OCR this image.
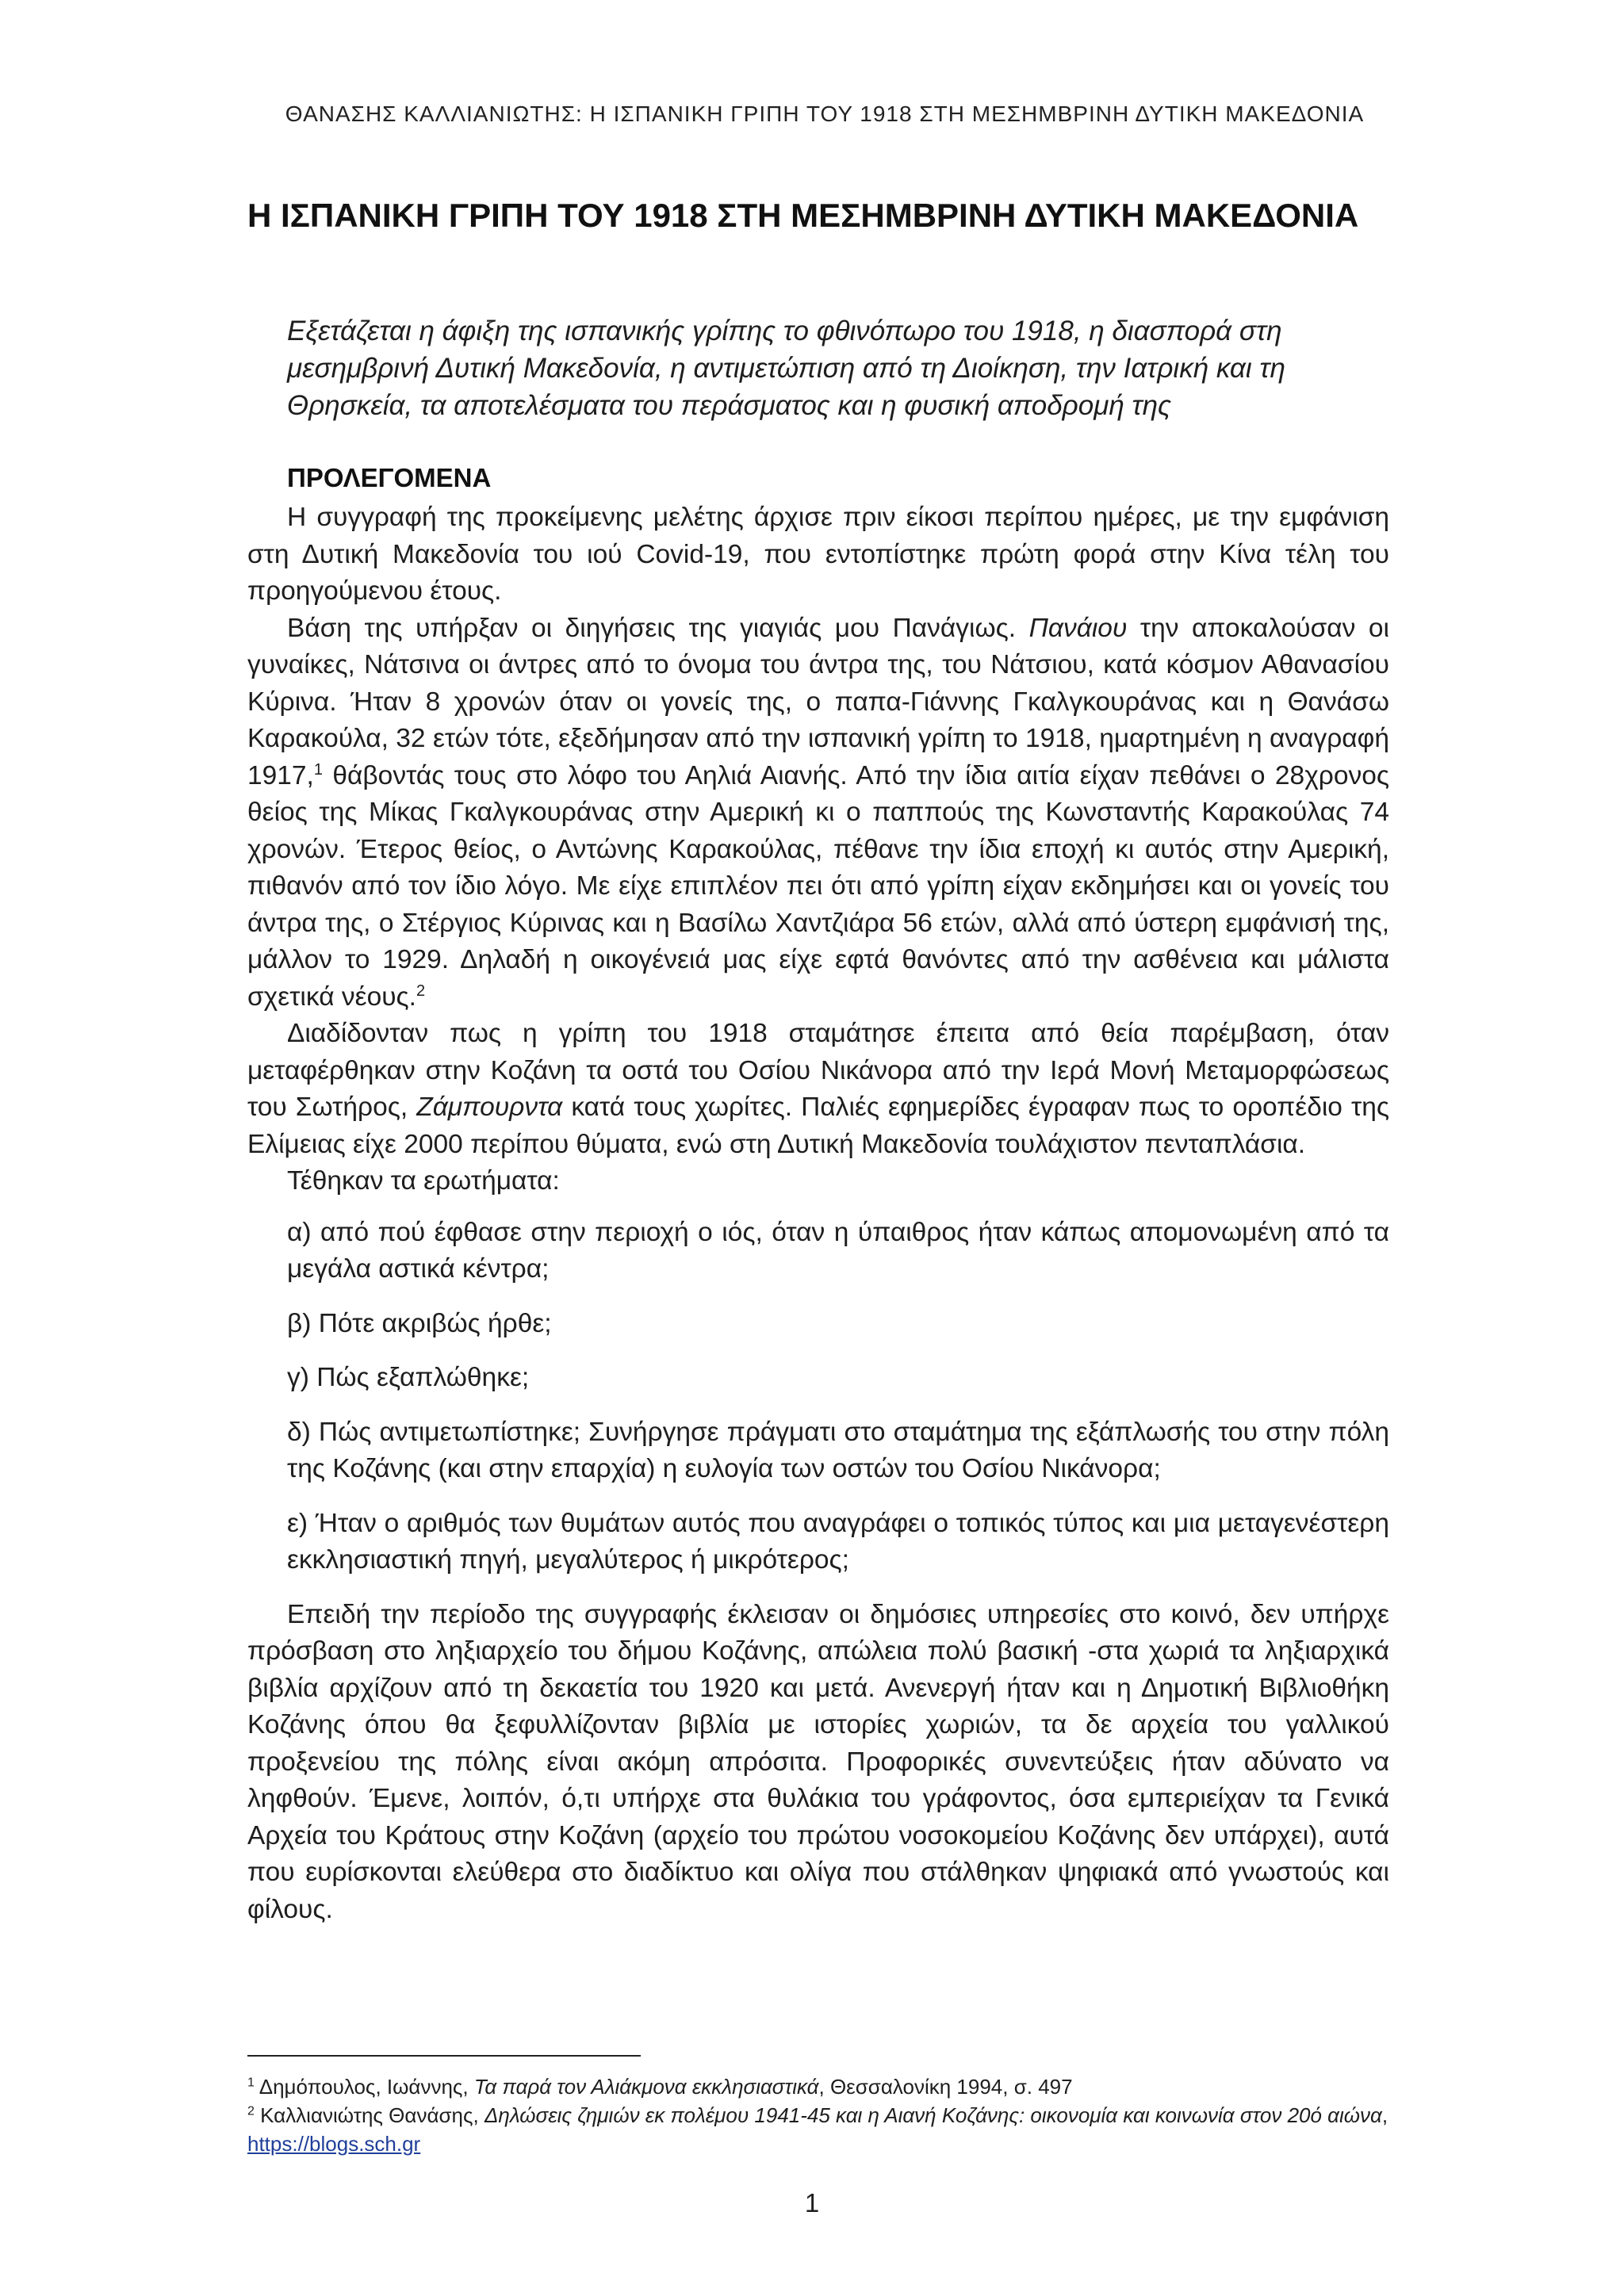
ΘΑΝΑΣΗΣ ΚΑΛΛΙΑΝΙΩΤΗΣ: Η ΙΣΠΑΝΙΚΗ ΓΡΙΠΗ ΤΟΥ 1918 ΣΤΗ ΜΕΣΗΜΒΡΙΝΗ ΔΥΤΙΚΗ ΜΑΚΕΔΟΝΙΑ
Η ΙΣΠΑΝΙΚΗ ΓΡΙΠΗ ΤΟΥ 1918 ΣΤΗ ΜΕΣΗΜΒΡΙΝΗ ΔΥΤΙΚΗ ΜΑΚΕΔΟΝΙΑ
Εξετάζεται η άφιξη της ισπανικής γρίπης το φθινόπωρο του 1918, η διασπορά στη μεσημβρινή Δυτική Μακεδονία, η αντιμετώπιση από τη Διοίκηση, την Ιατρική και τη Θρησκεία, τα αποτελέσματα του περάσματος και η φυσική αποδρομή της
ΠΡΟΛΕΓΟΜΕΝΑ

Η συγγραφή της προκείμενης μελέτης άρχισε πριν είκοσι περίπου ημέρες, με την εμφάνιση στη Δυτική Μακεδονία του ιού Covid-19, που εντοπίστηκε πρώτη φορά στην Κίνα τέλη του προηγούμενου έτους.

Βάση της υπήρξαν οι διηγήσεις της γιαγιάς μου Πανάγιως. Πανάιου την αποκαλούσαν οι γυναίκες, Νάτσινα οι άντρες από το όνομα του άντρα της, του Νάτσιου, κατά κόσμον Αθανασίου Κύρινα. Ήταν 8 χρονών όταν οι γονείς της, ο παπα-Γιάννης Γκαλγκουράνας και η Θανάσω Καρακούλα, 32 ετών τότε, εξεδήμησαν από την ισπανική γρίπη το 1918, ημαρτημένη η αναγραφή 1917,$^1$ θάβοντάς τους στο λόφο του Αηλιά Αιανής. Από την ίδια αιτία είχαν πεθάνει ο 28χρονος θείος της Μίκας Γκαλγκουράνας στην Αμερική κι ο παππούς της Κωνσταντής Καρακούλας 74 χρονών. Έτερος θείος, ο Αντώνης Καρακούλας, πέθανε την ίδια εποχή κι αυτός στην Αμερική, πιθανόν από τον ίδιο λόγο. Με είχε επιπλέον πει ότι από γρίπη είχαν εκδημήσει και οι γονείς του άντρα της, ο Στέργιος Κύρινας και η Βασίλω Χαντζιάρα 56 ετών, αλλά από ύστερη εμφάνισή της, μάλλον το 1929. Δηλαδή η οικογένειά μας είχε εφτά θανόντες από την ασθένεια και μάλιστα σχετικά νέους.$^2$

Διαδίδονταν πως η γρίπη του 1918 σταμάτησε έπειτα από θεία παρέμβαση, όταν μεταφέρθηκαν στην Κοζάνη τα οστά του Οσίου Νικάνορα από την Ιερά Μονή Μεταμορφώσεως του Σωτήρος, Ζάμπουρντα κατά τους χωρίτες. Παλιές εφημερίδες έγραφαν πως το οροπέδιο της Ελίμειας είχε 2000 περίπου θύματα, ενώ στη Δυτική Μακεδονία τουλάχιστον πενταπλάσια.

Τέθηκαν τα ερωτήματα:

α) από πού έφθασε στην περιοχή ο ιός, όταν η ύπαιθρος ήταν κάπως απομονωμένη από τα μεγάλα αστικά κέντρα;

β) Πότε ακριβώς ήρθε;

γ) Πώς εξαπλώθηκε;

δ) Πώς αντιμετωπίστηκε; Συνήργησε πράγματι στο σταμάτημα της εξάπλωσής του στην πόλη της Κοζάνης (και στην επαρχία) η ευλογία των οστών του Οσίου Νικάνορα;

ε) Ήταν ο αριθμός των θυμάτων αυτός που αναγράφει ο τοπικός τύπος και μια μεταγενέστερη εκκλησιαστική πηγή, μεγαλύτερος ή μικρότερος;

Επειδή την περίοδο της συγγραφής έκλεισαν οι δημόσιες υπηρεσίες στο κοινό, δεν υπήρχε πρόσβαση στο ληξιαρχείο του δήμου Κοζάνης, απώλεια πολύ βασική -στα χωριά τα ληξιαρχικά βιβλία αρχίζουν από τη δεκαετία του 1920 και μετά. Ανενεργή ήταν και η Δημοτική Βιβλιοθήκη Κοζάνης όπου θα ξεφυλλίζονταν βιβλία με ιστορίες χωριών, τα δε αρχεία του γαλλικού προξενείου της πόλης είναι ακόμη απρόσιτα. Προφορικές συνεντεύξεις ήταν αδύνατο να ληφθούν. Έμενε, λοιπόν, ό,τι υπήρχε στα θυλάκια του γράφοντος, όσα εμπεριείχαν τα Γενικά Αρχεία του Κράτους στην Κοζάνη (αρχείο του πρώτου νοσοκομείου Κοζάνης δεν υπάρχει), αυτά που ευρίσκονται ελεύθερα στο διαδίκτυο και ολίγα που στάλθηκαν ψηφιακά από γνωστούς και φίλους.

$^1$ Δημόπουλος, Ιωάννης, Τα παρά τον Αλιάκμονα εκκλησιαστικά, Θεσσαλονίκη 1994, σ. 497

$^2$ Καλλιανιώτης Θανάσης, Δηλώσεις ζημιών εκ πολέμου 1941-45 και η Αιανή Κοζάνης: οικονομία και κοινωνία στον 20ό αιώνα, https://blogs.sch.gr

1
